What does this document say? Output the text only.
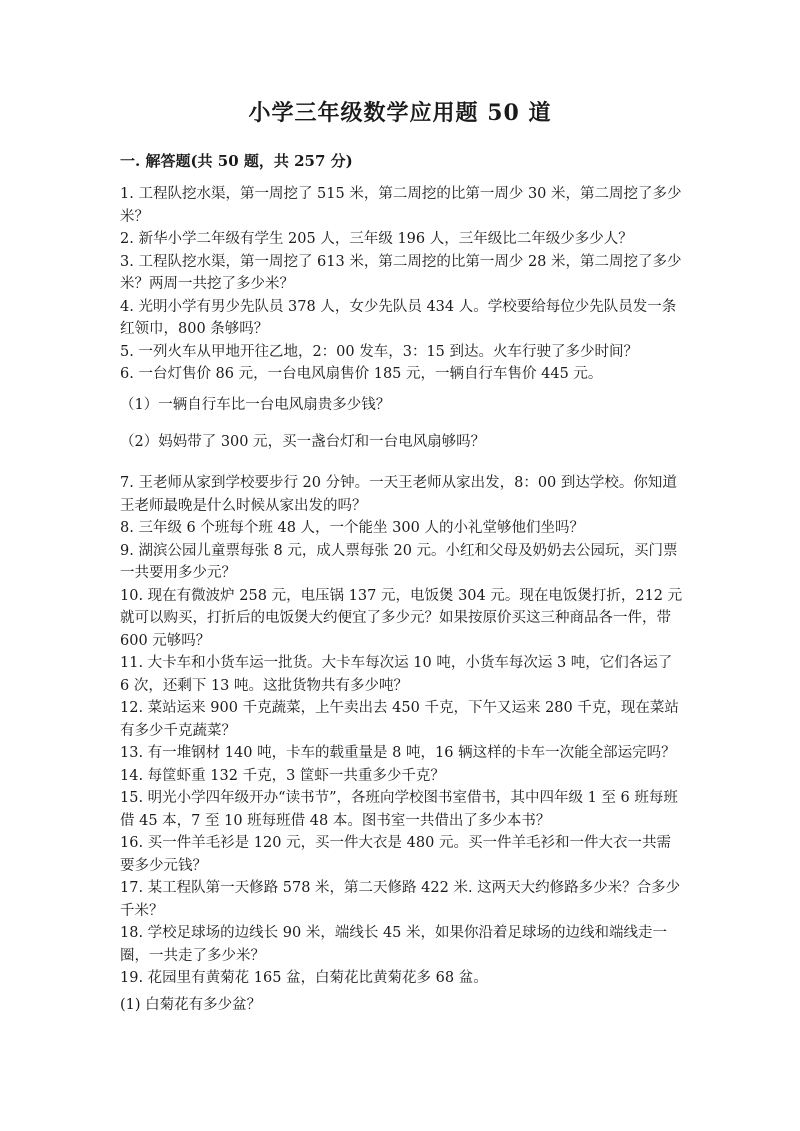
小学三年级数学应用题 50 道
一. 解答题(共 50 题，共 257 分)

1. 工程队挖水渠，第一周挖了 515 米，第二周挖的比第一周少 30 米，第二周挖了多少米？

2. 新华小学二年级有学生 205 人，三年级 196 人，三年级比二年级少多少人？

3. 工程队挖水渠，第一周挖了 613 米，第二周挖的比第一周少 28 米，第二周挖了多少米？两周一共挖了多少米？

4. 光明小学有男少先队员 378 人，女少先队员 434 人。学校要给每位少先队员发一条红领巾，800 条够吗？

5. 一列火车从甲地开往乙地，2：00 发车，3：15 到达。火车行驶了多少时间？

6. 一台灯售价 86 元，一台电风扇售价 185 元，一辆自行车售价 445 元。

（1）一辆自行车比一台电风扇贵多少钱？
（2）妈妈带了 300 元，买一盏台灯和一台电风扇够吗？

7. 王老师从家到学校要步行 20 分钟。一天王老师从家出发，8：00 到达学校。你知道王老师最晚是什么时候从家出发的吗？

8. 三年级 6 个班每个班 48 人，一个能坐 300 人的小礼堂够他们坐吗？

9. 湖滨公园儿童票每张 8 元，成人票每张 20 元。小红和父母及奶奶去公园玩，买门票一共要用多少元？

10. 现在有微波炉 258 元，电压锅 137 元，电饭煲 304 元。现在电饭煲打折，212 元就可以购买，打折后的电饭煲大约便宜了多少元？如果按原价买这三种商品各一件，带 600 元够吗？

11. 大卡车和小货车运一批货。大卡车每次运 10 吨，小货车每次运 3 吨，它们各运了 6 次，还剩下 13 吨。这批货物共有多少吨？

12. 菜站运来 900 千克蔬菜，上午卖出去 450 千克，下午又运来 280 千克，现在菜站有多少千克蔬菜？

13. 有一堆钢材 140 吨，卡车的载重量是 8 吨，16 辆这样的卡车一次能全部运完吗？

14. 每筐虾重 132 千克，3 筐虾一共重多少千克？

15. 明光小学四年级开办“读书节”，各班向学校图书室借书，其中四年级 1 至 6 班每班借 45 本，7 至 10 班每班借 48 本。图书室一共借出了多少本书？

16. 买一件羊毛衫是 120 元，买一件大衣是 480 元。买一件羊毛衫和一件大衣一共需要多少元钱？

17. 某工程队第一天修路 578 米，第二天修路 422 米. 这两天大约修路多少米？合多少千米？

18. 学校足球场的边线长 90 米，端线长 45 米，如果你沿着足球场的边线和端线走一圈，一共走了多少米？

19. 花园里有黄菊花 165 盆，白菊花比黄菊花多 68 盆。

(1) 白菊花有多少盆？
